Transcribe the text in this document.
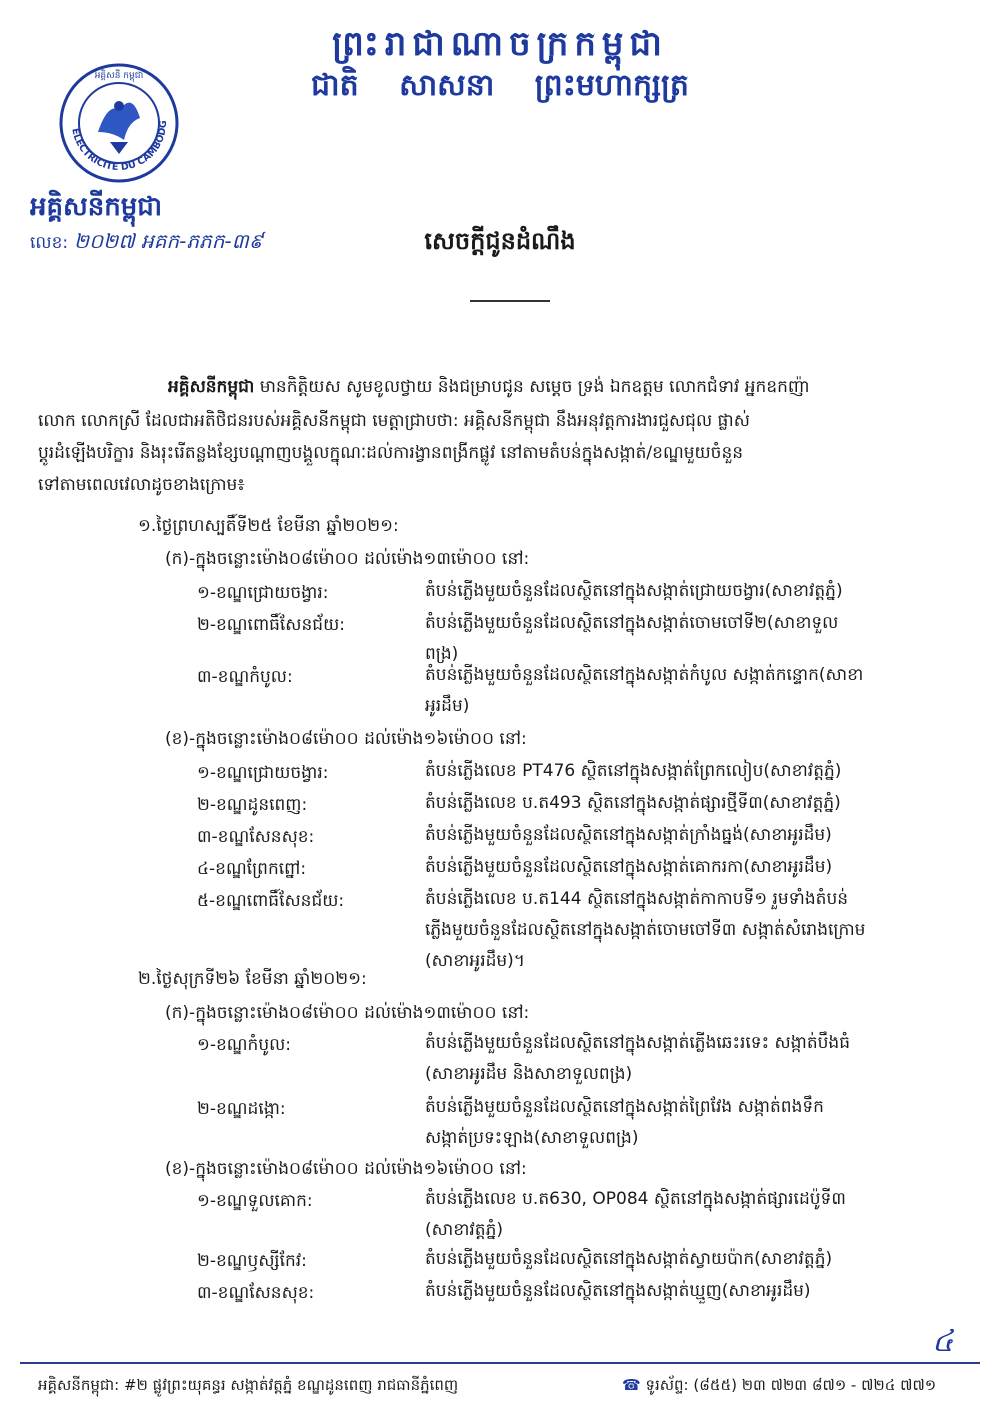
ព្រះរាជាណាចក្រកម្ពុជា
ជាតិ សាសនា ព្រះមហាក្សត្រ
ELECTRICITE DU CAMBODG
អគ្គិសនី កម្ពុជា
អគ្គិសនីកម្ពុជា
លេខ: ២០២៧ អគក-ភភក-៣៩	សេចក្តីជូនដំណឹង
អគ្គិសនីកម្ពុជា មានកិត្តិយស សូមខូលថ្វាយ និងជម្រាបជូន សម្តេច ទ្រង់ ឯកឧត្តម លោកជំទាវ អ្នកឧកញ៉ា
លោក លោកស្រី ដែលជាអតិថិជនរបស់អគ្គិសនីកម្ពុជា មេត្តាជ្រាបថា: អគ្គិសនីកម្ពុជា នឹងអនុវត្តការងារជួសជុល ផ្លាស់
ប្តូរដំឡើងបរិក្ខារ និងរុះរើតន្លងខ្សែបណ្តាញបង្គួលក្នុណៈដល់ការង្វានពង្រីកផ្លូវ នៅតាមតំបន់ក្នុងសង្កាត់/ខណ្ឌមួយចំនួន
ទៅតាមពេលវេលាដូចខាងក្រោម៖
១.ថ្ងៃព្រហស្បតិ៍ទី២៥ ខែមីនា ឆ្នាំ២០២១:
(ក)-ក្នុងចន្លោះម៉ោង០៨ម៉ោ០០ ដល់ម៉ោង១៣ម៉ោ០០ នៅ:
១-ខណ្ឌជ្រោយចង្វារ:	តំបន់ភ្លើងមួយចំនួនដែលស្ថិតនៅក្នុងសង្កាត់ជ្រោយចង្វារ(សាខាវត្តភ្នំ)
២-ខណ្ឌពោធិ៍សែនជ័យ:	តំបន់ភ្លើងមួយចំនួនដែលស្ថិតនៅក្នុងសង្កាត់ចោមចៅទី២(សាខាទួល
ពង្រ)
៣-ខណ្ឌកំបូល:	តំបន់ភ្លើងមួយចំនួនដែលស្ថិតនៅក្នុងសង្កាត់កំបូល សង្កាត់កន្ទោក(សាខា
អូរដឹម)
(ខ)-ក្នុងចន្លោះម៉ោង០៨ម៉ោ០០ ដល់ម៉ោង១៦ម៉ោ០០ នៅ:
១-ខណ្ឌជ្រោយចង្វារ:	តំបន់ភ្លើងលេខ PT476 ស្ថិតនៅក្នុងសង្កាត់ព្រែកលៀប(សាខាវត្តភ្នំ)
២-ខណ្ឌដូនពេញ:	តំបន់ភ្លើងលេខ ប.ត493 ស្ថិតនៅក្នុងសង្កាត់ផ្សារថ្មីទី៣(សាខាវត្តភ្នំ)
៣-ខណ្ឌសែនសុខ:	តំបន់ភ្លើងមួយចំនួនដែលស្ថិតនៅក្នុងសង្កាត់ក្រាំងធ្នង់(សាខាអូរដឹម)
៤-ខណ្ឌព្រែកព្នៅ:	តំបន់ភ្លើងមួយចំនួនដែលស្ថិតនៅក្នុងសង្កាត់គោករកា(សាខាអូរដឹម)
៥-ខណ្ឌពោធិ៍សែនជ័យ:	តំបន់ភ្លើងលេខ ប.ត144 ស្ថិតនៅក្នុងសង្កាត់កាកាបទី១ រួមទាំងតំបន់
ភ្លើងមួយចំនួនដែលស្ថិតនៅក្នុងសង្កាត់ចោមចៅទី៣ សង្កាត់សំរោងក្រោម
(សាខាអូរដឹម)។
២.ថ្ងៃសុក្រទី២៦ ខែមីនា ឆ្នាំ២០២១:
(ក)-ក្នុងចន្លោះម៉ោង០៨ម៉ោ០០ ដល់ម៉ោង១៣ម៉ោ០០ នៅ:
១-ខណ្ឌកំបូល:	តំបន់ភ្លើងមួយចំនួនដែលស្ថិតនៅក្នុងសង្កាត់ភ្លើងឆេះរទេះ សង្កាត់បឹងធំ
(សាខាអូរដឹម និងសាខាទួលពង្រ)
២-ខណ្ឌដង្កោ:	តំបន់ភ្លើងមួយចំនួនដែលស្ថិតនៅក្នុងសង្កាត់ព្រៃវែង សង្កាត់ពងទឹក
សង្កាត់ប្រទះឡាង(សាខាទួលពង្រ)
(ខ)-ក្នុងចន្លោះម៉ោង០៨ម៉ោ០០ ដល់ម៉ោង១៦ម៉ោ០០ នៅ:
១-ខណ្ឌទួលគោក:	តំបន់ភ្លើងលេខ ប.ត630, OP084 ស្ថិតនៅក្នុងសង្កាត់ផ្សារដេប៉ូទី៣
(សាខាវត្តភ្នំ)
២-ខណ្ឌឫស្សីកែវ:	តំបន់ភ្លើងមួយចំនួនដែលស្ថិតនៅក្នុងសង្កាត់ស្វាយប៉ាក(សាខាវត្តភ្នំ)
៣-ខណ្ឌសែនសុខ:	តំបន់ភ្លើងមួយចំនួនដែលស្ថិតនៅក្នុងសង្កាត់ឃ្មួញ(សាខាអូរដឹម)
៤
អគ្គិសនីកម្ពុជា: #២ ផ្លូវព្រះយុគន្ធរ សង្កាត់វត្តភ្នំ ខណ្ឌដូនពេញ រាជធានីភ្នំពេញ	☎ ទូរស័ព្ទ: (៨៥៥) ២៣ ៧២៣ ៨៧១ - ៧២៤ ៧៧១
